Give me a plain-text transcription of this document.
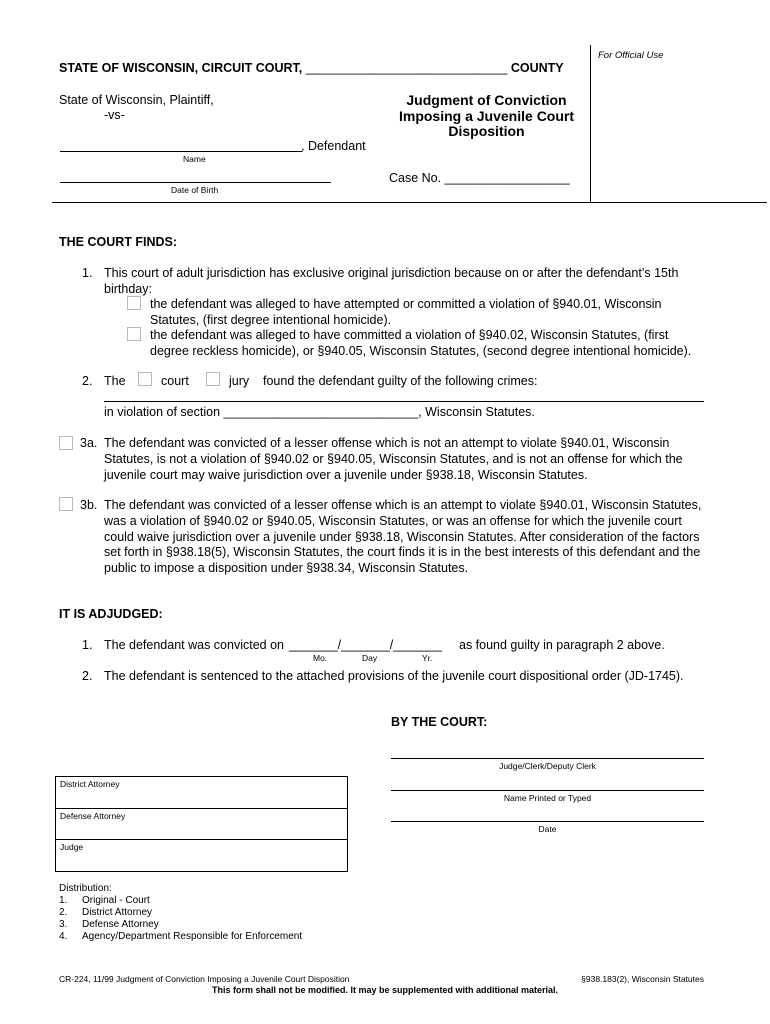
For Official Use
STATE OF WISCONSIN, CIRCUIT COURT, _____________________________ COUNTY
State of Wisconsin, Plaintiff,
-vs-
, Defendant
Name
Date of Birth
Case No. __________________
Judgment of Conviction
Imposing a Juvenile Court
Disposition
THE COURT FINDS:
1. This court of adult jurisdiction has exclusive original jurisdiction because on or after the defendant’s 15th
birthday:
the defendant was alleged to have attempted or committed a violation of §940.01, Wisconsin
Statutes, (first degree intentional homicide).
the defendant was alleged to have committed a violation of §940.02, Wisconsin Statutes, (first
degree reckless homicide), or §940.05, Wisconsin Statutes, (second degree intentional homicide).
2. The	court	jury found the defendant guilty of the following crimes:
in violation of section ____________________________, Wisconsin Statutes.
3a. The defendant was convicted of a lesser offense which is not an attempt to violate §940.01, Wisconsin
Statutes, is not a violation of §940.02 or §940.05, Wisconsin Statutes, and is not an offense for which the
juvenile court may waive jurisdiction over a juvenile under §938.18, Wisconsin Statutes.
3b. The defendant was convicted of a lesser offense which is an attempt to violate §940.01, Wisconsin Statutes,
was a violation of §940.02 or §940.05, Wisconsin Statutes, or was an offense for which the juvenile court
could waive jurisdiction over a juvenile under §938.18, Wisconsin Statutes. After consideration of the factors
set forth in §938.18(5), Wisconsin Statutes, the court finds it is in the best interests of this defendant and the
public to impose a disposition under §938.34, Wisconsin Statutes.
IT IS ADJUDGED:
1. The defendant was convicted on _______/_______/_______ as found guilty in paragraph 2 above.
Mo.	Day	Yr.
2. The defendant is sentenced to the attached provisions of the juvenile court dispositional order (JD-1745).
BY THE COURT:
Judge/Clerk/Deputy Clerk
Name Printed or Typed
Date
District Attorney
Defense Attorney
Judge
Distribution:
1. Original - Court
2. District Attorney
3. Defense Attorney
4. Agency/Department Responsible for Enforcement
CR-224, 11/99 Judgment of Conviction Imposing a Juvenile Court Disposition	§938.183(2), Wisconsin Statutes
This form shall not be modified. It may be supplemented with additional material.
